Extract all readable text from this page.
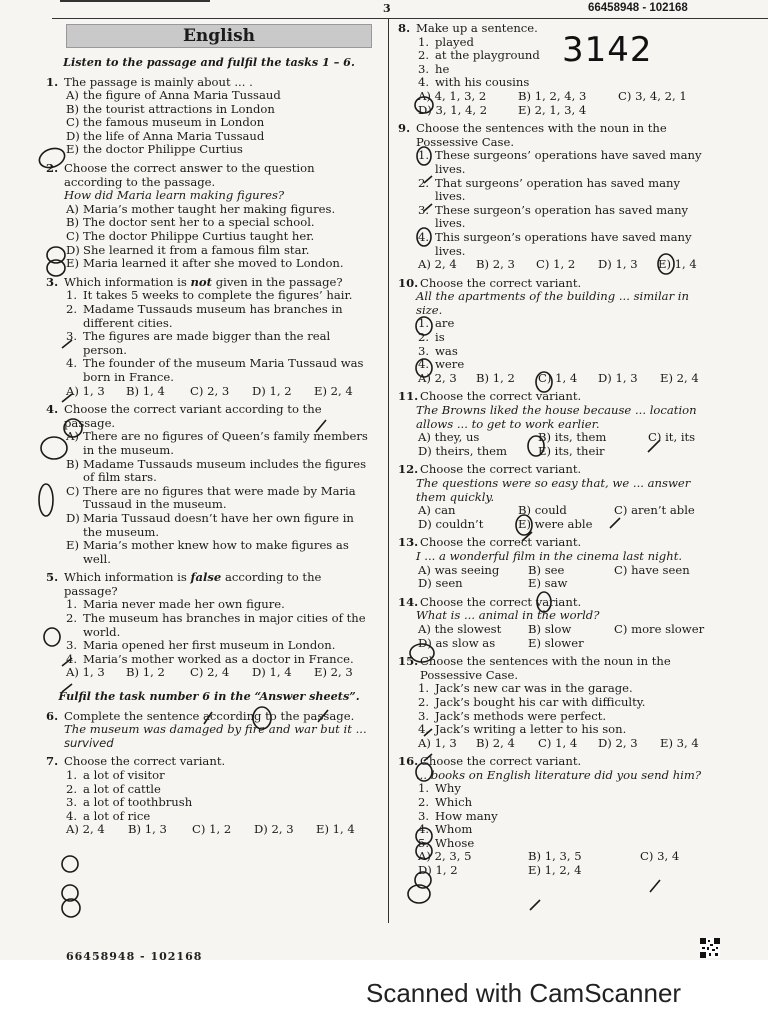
3	66458948 - 102168
3142
English
Listen to the passage and fulfil the tasks 1 – 6.
1. The passage is mainly about ... .
A) the figure of Anna Maria Tussaud
B) the tourist attractions in London
C) the famous museum in London
D) the life of Anna Maria Tussaud
E) the doctor Philippe Curtius
2. Choose the correct answer to the question according to the passage.
How did Maria learn making figures?
A) Maria’s mother taught her making figures.
B) The doctor sent her to a special school.
C) The doctor Philippe Curtius taught her.
D) She learned it from a famous film star.
E) Maria learned it after she moved to London.
3. Which information is not given in the passage?
1. It takes 5 weeks to complete the figures’ hair.
2. Madame Tussauds museum has branches in different cities.
3. The figures are made bigger than the real person.
4. The founder of the museum Maria Tussaud was born in France.
A) 1, 3 B) 1, 4 C) 2, 3 D) 1, 2 E) 2, 4
4. Choose the correct variant according to the passage.
A) There are no figures of Queen’s family members in the museum.
B) Madame Tussauds museum includes the figures of film stars.
C) There are no figures that were made by Maria Tussaud in the museum.
D) Maria Tussaud doesn’t have her own figure in the museum.
E) Maria’s mother knew how to make figures as well.
5. Which information is false according to the passage?
1. Maria never made her own figure.
2. The museum has branches in major cities of the world.
3. Maria opened her first museum in London.
4. Maria’s mother worked as a doctor in France.
A) 1, 3 B) 1, 2 C) 2, 4 D) 1, 4 E) 2, 3
Fulfil the task number 6 in the “Answer sheets”.
6. Complete the sentence according to the passage.
The museum was damaged by fire and war but it ... survived
7. Choose the correct variant.
1. a lot of visitor
2. a lot of cattle
3. a lot of toothbrush
4. a lot of rice
A) 2, 4 B) 1, 3 C) 1, 2 D) 2, 3 E) 1, 4
8. Make up a sentence.
1. played
2. at the playground
3. he
4. with his cousins
A) 4, 1, 3, 2	B) 1, 2, 4, 3	C) 3, 4, 2, 1
D) 3, 1, 4, 2	E) 2, 1, 3, 4
9. Choose the sentences with the noun in the Possessive Case.
1. These surgeons’ operations have saved many lives.
2. That surgeons’ operation has saved many lives.
3. These surgeon’s operation has saved many lives.
4. This surgeon’s operations have saved many lives.
A) 2, 4 B) 2, 3 C) 1, 2 D) 1, 3 E) 1, 4
10. Choose the correct variant.
All the apartments of the building ... similar in size.
1. are
2. is
3. was
4. were
A) 2, 3 B) 1, 2 C) 1, 4 D) 1, 3 E) 2, 4
11. Choose the correct variant.
The Browns liked the house because ... location allows ... to get to work earlier.
A) they, us	B) its, them	C) it, its
D) theirs, them	E) its, their
12. Choose the correct variant.
The questions were so easy that, we ... answer them quickly.
A) can	B) could	C) aren’t able
D) couldn’t	E) were able
13. Choose the correct variant.
I ... a wonderful film in the cinema last night.
A) was seeing	B) see	C) have seen
D) seen	E) saw
14. Choose the correct variant.
What is ... animal in the world?
A) the slowest	B) slow	C) more slower
D) as slow as	E) slower
15. Choose the sentences with the noun in the Possessive Case.
1. Jack’s new car was in the garage.
2. Jack’s bought his car with difficulty.
3. Jack’s methods were perfect.
4. Jack’s writing a letter to his son.
A) 1, 3 B) 2, 4 C) 1, 4 D) 2, 3 E) 3, 4
16. Choose the correct variant.
... books on English literature did you send him?
1. Why
2. Which
3. How many
4. Whom
5. Whose
A) 2, 3, 5	B) 1, 3, 5	C) 3, 4
D) 1, 2	E) 1, 2, 4
66458948 - 102168
Scanned with CamScanner
